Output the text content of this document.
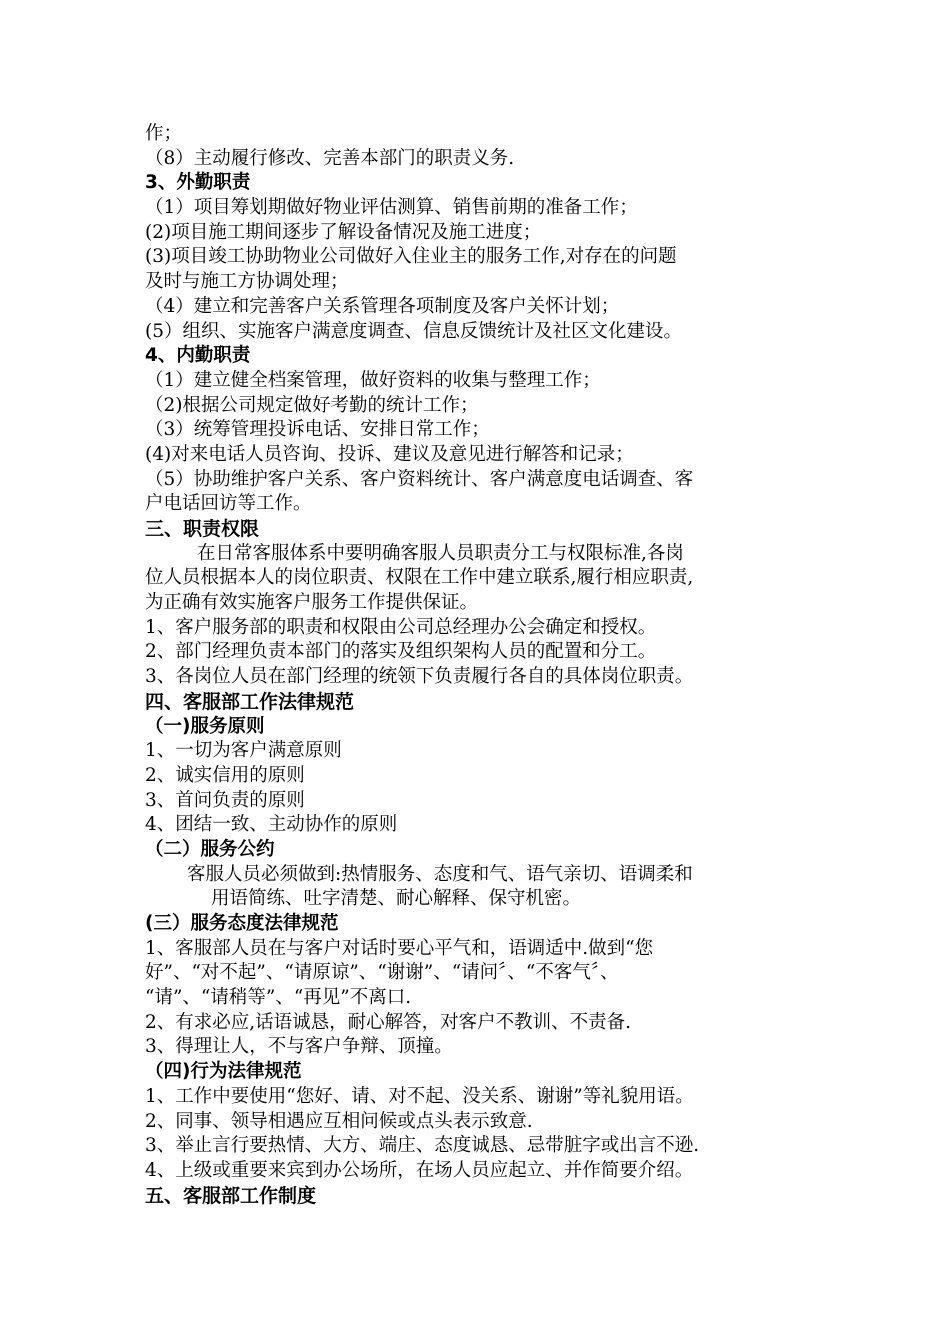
作；
（8）主动履行修改、完善本部门的职责义务.
3、外勤职责
（1）项目筹划期做好物业评估测算、销售前期的准备工作；
(2)项目施工期间逐步了解设备情况及施工进度；
(3)项目竣工协助物业公司做好入住业主的服务工作,对存在的问题
及时与施工方协调处理；
（4）建立和完善客户关系管理各项制度及客户关怀计划；
(5）组织、实施客户满意度调查、信息反馈统计及社区文化建设。
4、内勤职责
（1）建立健全档案管理，做好资料的收集与整理工作；
（2)根据公司规定做好考勤的统计工作；
（3）统筹管理投诉电话、安排日常工作；
(4)对来电话人员咨询、投诉、建议及意见进行解答和记录；
（5）协助维护客户关系、客户资料统计、客户满意度电话调查、客
户电话回访等工作。
三、职责权限
在日常客服体系中要明确客服人员职责分工与权限标准,各岗
位人员根据本人的岗位职责、权限在工作中建立联系,履行相应职责,
为正确有效实施客户服务工作提供保证。
1、客户服务部的职责和权限由公司总经理办公会确定和授权。
2、部门经理负责本部门的落实及组织架构人员的配置和分工。
3、各岗位人员在部门经理的统领下负责履行各自的具体岗位职责。
四、客服部工作法律规范
（一)服务原则
1、一切为客户满意原则
2、诚实信用的原则
3、首问负责的原则
4、团结一致、主动协作的原则
（二）服务公约
客服人员必须做到:热情服务、态度和气、语气亲切、语调柔和
用语简练、吐字清楚、耐心解释、保守机密。
(三）服务态度法律规范
1、客服部人员在与客户对话时要心平气和，语调适中.做到“您
好”、“对不起”、“请原谅”、“谢谢”、“请问〞、“不客气〞、
“请”、“请稍等”、“再见”不离口.
2、有求必应,话语诚恳，耐心解答，对客户不教训、不责备.
3、得理让人，不与客户争辩、顶撞。
（四)行为法律规范
1、工作中要使用“您好、请、对不起、没关系、谢谢”等礼貌用语。
2、同事、领导相遇应互相问候或点头表示致意.
3、举止言行要热情、大方、端庄、态度诚恳、忌带脏字或出言不逊.
4、上级或重要来宾到办公场所，在场人员应起立、并作简要介绍。
五、客服部工作制度
